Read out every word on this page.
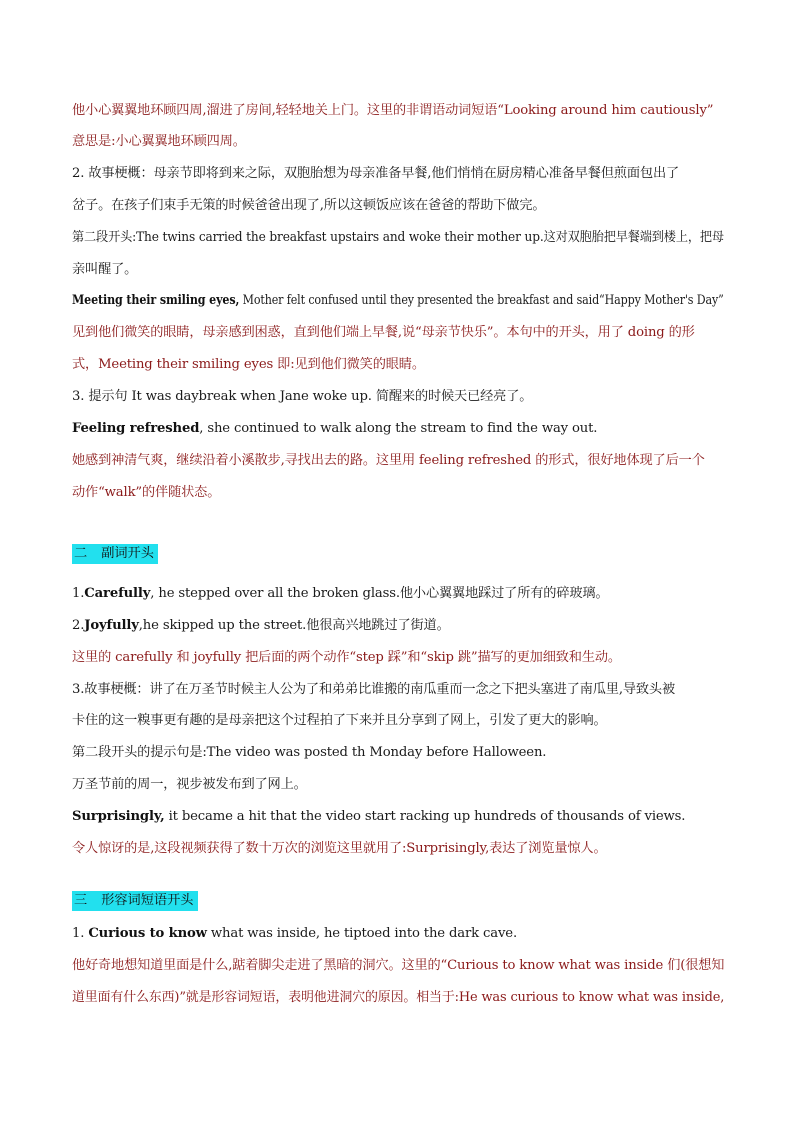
他小心翼翼地环顾四周,溜进了房间,轻轻地关上门。这里的非谓语动词短语“Looking around him cautiously”
意思是:小心翼翼地环顾四周。
2. 故事梗概：母亲节即将到来之际，双胞胎想为母亲准备早餐,他们悄悄在厨房精心准备早餐但煎面包出了
岔子。在孩子们束手无策的时候爸爸出现了,所以这顿饭应该在爸爸的帮助下做完。
第二段开头:The twins carried the breakfast upstairs and woke their mother up.这对双胞胎把早餐端到楼上，把母
亲叫醒了。
Meeting their smiling eyes, Mother felt confused until they presented the breakfast and said“Happy Mother's Day”
见到他们微笑的眼睛，母亲感到困惑，直到他们端上早餐,说“母亲节快乐”。本句中的开头，用了 doing 的形
式，Meeting their smiling eyes 即:见到他们微笑的眼睛。
3. 提示句 It was daybreak when Jane woke up. 简醒来的时候天已经亮了。
Feeling refreshed, she continued to walk along the stream to find the way out.
她感到神清气爽，继续沿着小溪散步,寻找出去的路。这里用 feeling refreshed 的形式，很好地体现了后一个
动作“walk”的伴随状态。
二 副词开头
1.Carefully, he stepped over all the broken glass.他小心翼翼地踩过了所有的碎玻璃。
2.Joyfully,he skipped up the street.他很高兴地跳过了街道。
这里的 carefully 和 joyfully 把后面的两个动作“step 踩”和“skip 跳”描写的更加细致和生动。
3.故事梗概：讲了在万圣节时候主人公为了和弟弟比谁搬的南瓜重而一念之下把头塞进了南瓜里,导致头被
卡住的这一糗事更有趣的是母亲把这个过程拍了下来并且分享到了网上，引发了更大的影响。
第二段开头的提示句是:The video was posted th Monday before Halloween.
万圣节前的周一，视步被发布到了网上。
Surprisingly, it became a hit that the video start racking up hundreds of thousands of views.
令人惊讶的是,这段视频获得了数十万次的浏览这里就用了:Surprisingly,表达了浏览量惊人。
三 形容词短语开头
1. Curious to know what was inside, he tiptoed into the dark cave.
他好奇地想知道里面是什么,踮着脚尖走进了黑暗的洞穴。这里的“Curious to know what was inside 们(很想知
道里面有什么东西)”就是形容词短语，表明他进洞穴的原因。相当于:He was curious to know what was inside,
